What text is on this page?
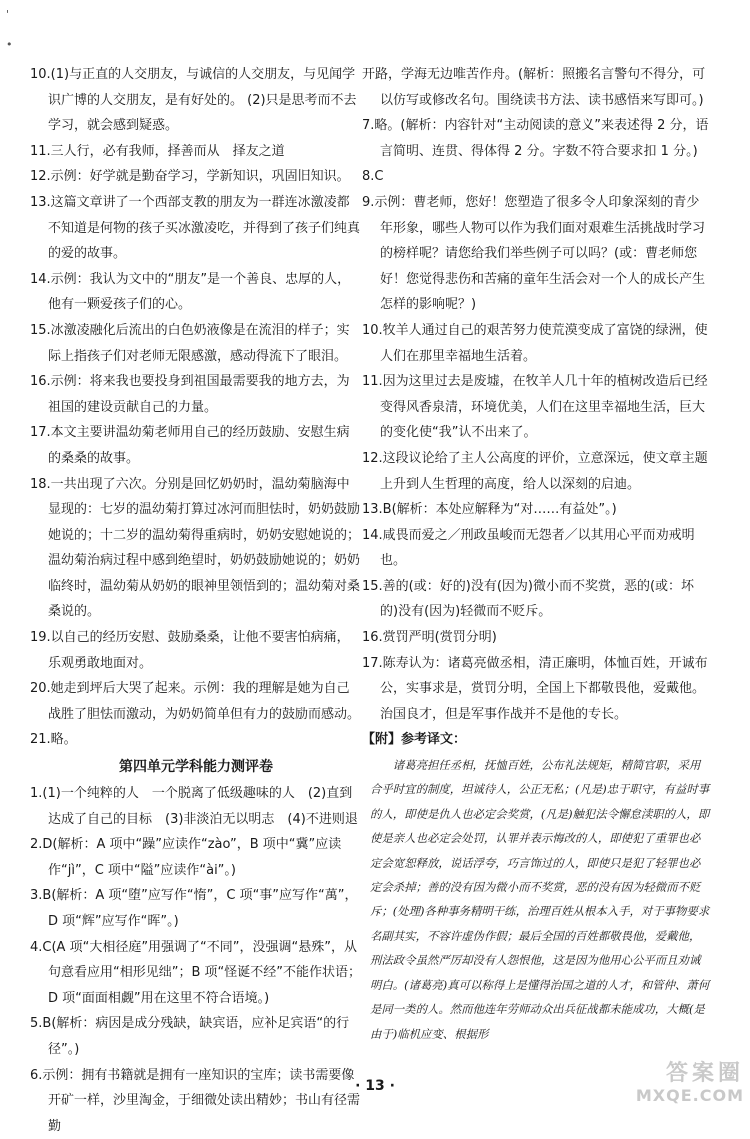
'
•

10.(1)与正直的人交朋友，与诚信的人交朋友，与见闻学识广博的人交朋友，是有好处的。 (2)只是思考而不去学习，就会感到疑惑。

11.三人行，必有我师，择善而从　择友之道

12.示例：好学就是勤奋学习，学新知识，巩固旧知识。

13.这篇文章讲了一个西部支教的朋友为一群连冰激凌都不知道是何物的孩子买冰激凌吃，并得到了孩子们纯真的爱的故事。

14.示例：我认为文中的“朋友”是一个善良、忠厚的人，他有一颗爱孩子们的心。

15.冰激凌融化后流出的白色奶液像是在流泪的样子；实际上指孩子们对老师无限感激，感动得流下了眼泪。

16.示例：将来我也要投身到祖国最需要我的地方去，为祖国的建设贡献自己的力量。

17.本文主要讲温幼菊老师用自己的经历鼓励、安慰生病的桑桑的故事。

18.一共出现了六次。分别是回忆奶奶时，温幼菊脑海中显现的：七岁的温幼菊打算过冰河而胆怯时，奶奶鼓励她说的；十二岁的温幼菊得重病时，奶奶安慰她说的；温幼菊治病过程中感到绝望时，奶奶鼓励她说的；奶奶临终时，温幼菊从奶奶的眼神里领悟到的；温幼菊对桑桑说的。

19.以自己的经历安慰、鼓励桑桑，让他不要害怕病痛，乐观勇敢地面对。

20.她走到坪后大哭了起来。示例：我的理解是她为自己战胜了胆怯而激动，为奶奶简单但有力的鼓励而感动。

21.略。

第四单元学科能力测评卷

1.(1)一个纯粹的人　一个脱离了低级趣味的人　(2)直到达成了自己的目标　(3)非淡泊无以明志　(4)不进则退

2.D(解析：A 项中“躁”应读作“zào”，B 项中“冀”应读作“jì”，C 项中“隘”应读作“ài”。)

3.B(解析：A 项“堕”应写作“惰”，C 项“事”应写作“萬”，D 项“辉”应写作“晖”。)

4.C(A 项“大相径庭”用强调了“不同”，没强调“悬殊”，从句意看应用“相形见绌”；B 项“怪诞不经”不能作状语；D 项“面面相觑”用在这里不符合语境。)

5.B(解析：病因是成分残缺，缺宾语，应补足宾语“的行径”。)

6.示例：拥有书籍就是拥有一座知识的宝库；读书需要像开矿一样，沙里淘金，于细微处读出精妙；书山有径需勤

开路，学海无边唯苦作舟。(解析：照搬名言警句不得分，可以仿写或修改名句。围绕读书方法、读书感悟来写即可。)

7.略。(解析：内容针对“主动阅读的意义”来表述得 2 分，语言简明、连贯、得体得 2 分。字数不符合要求扣 1 分。)

8.C

9.示例：曹老师，您好！您塑造了很多令人印象深刻的青少年形象，哪些人物可以作为我们面对艰难生活挑战时学习的榜样呢？请您给我们举些例子可以吗？(或：曹老师您好！您觉得悲伤和苦痛的童年生活会对一个人的成长产生怎样的影响呢？)

10.牧羊人通过自己的艰苦努力使荒漠变成了富饶的绿洲，使人们在那里幸福地生活着。

11.因为这里过去是废墟，在牧羊人几十年的植树改造后已经变得风香泉清，环境优美，人们在这里幸福地生活，巨大的变化使“我”认不出来了。

12.这段议论给了主人公高度的评价，立意深远，使文章主题上升到人生哲理的高度，给人以深刻的启迪。

13.B(解析：本处应解释为“对……有益处”。)

14.咸畏而爱之／刑政虽峻而无怨者／以其用心平而劝戒明也。

15.善的(或：好的)没有(因为)微小而不奖赏，恶的(或：坏的)没有(因为)轻微而不贬斥。

16.赏罚严明(赏罚分明)

17.陈寿认为：诸葛亮做丞相，清正廉明，体恤百姓，开诚布公，实事求是，赏罚分明，全国上下都敬畏他，爱戴他。治国良才，但是军事作战并不是他的专长。

【附】参考译文：

诸葛亮担任丞相，抚恤百姓，公布礼法规矩，精简官职，采用合乎时宜的制度，坦诚待人，公正无私；(凡是)忠于职守，有益时事的人，即使是仇人也必定会奖赏，(凡是)触犯法令懈怠渎职的人，即使是亲人也必定会处罚，认罪并表示悔改的人，即使犯了重罪也必定会宽恕释放，说话浮夸，巧言饰过的人，即使只是犯了轻罪也必定会杀掉；善的没有因为微小而不奖赏，恶的没有因为轻微而不贬斥；(处理)各种事务精明干练，治理百姓从根本入手，对于事物要求名副其实，不容许虚伪作假；最后全国的百姓都敬畏他，爱戴他，刑法政令虽然严厉却没有人怨恨他，这是因为他用心公平而且劝诫明白。(诸葛亮)真可以称得上是懂得治国之道的人才，和管仲、萧何是同一类的人。然而他连年劳师动众出兵征战都未能成功，大概(是由于)临机应变、根据形

· 13 ·	答案圈
MXQE.COM
